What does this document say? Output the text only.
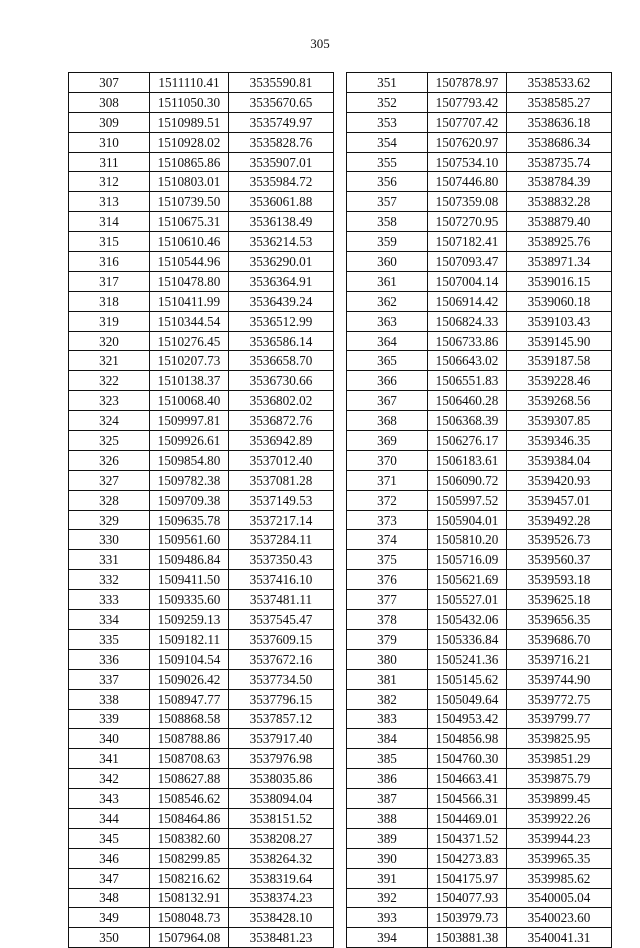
305
307	1511110.41	3535590.81
308	1511050.30	3535670.65
309	1510989.51	3535749.97
310	1510928.02	3535828.76
311	1510865.86	3535907.01
312	1510803.01	3535984.72
313	1510739.50	3536061.88
314	1510675.31	3536138.49
315	1510610.46	3536214.53
316	1510544.96	3536290.01
317	1510478.80	3536364.91
318	1510411.99	3536439.24
319	1510344.54	3536512.99
320	1510276.45	3536586.14
321	1510207.73	3536658.70
322	1510138.37	3536730.66
323	1510068.40	3536802.02
324	1509997.81	3536872.76
325	1509926.61	3536942.89
326	1509854.80	3537012.40
327	1509782.38	3537081.28
328	1509709.38	3537149.53
329	1509635.78	3537217.14
330	1509561.60	3537284.11
331	1509486.84	3537350.43
332	1509411.50	3537416.10
333	1509335.60	3537481.11
334	1509259.13	3537545.47
335	1509182.11	3537609.15
336	1509104.54	3537672.16
337	1509026.42	3537734.50
338	1508947.77	3537796.15
339	1508868.58	3537857.12
340	1508788.86	3537917.40
341	1508708.63	3537976.98
342	1508627.88	3538035.86
343	1508546.62	3538094.04
344	1508464.86	3538151.52
345	1508382.60	3538208.27
346	1508299.85	3538264.32
347	1508216.62	3538319.64
348	1508132.91	3538374.23
349	1508048.73	3538428.10
350	1507964.08	3538481.23
351	1507878.97	3538533.62
352	1507793.42	3538585.27
353	1507707.42	3538636.18
354	1507620.97	3538686.34
355	1507534.10	3538735.74
356	1507446.80	3538784.39
357	1507359.08	3538832.28
358	1507270.95	3538879.40
359	1507182.41	3538925.76
360	1507093.47	3538971.34
361	1507004.14	3539016.15
362	1506914.42	3539060.18
363	1506824.33	3539103.43
364	1506733.86	3539145.90
365	1506643.02	3539187.58
366	1506551.83	3539228.46
367	1506460.28	3539268.56
368	1506368.39	3539307.85
369	1506276.17	3539346.35
370	1506183.61	3539384.04
371	1506090.72	3539420.93
372	1505997.52	3539457.01
373	1505904.01	3539492.28
374	1505810.20	3539526.73
375	1505716.09	3539560.37
376	1505621.69	3539593.18
377	1505527.01	3539625.18
378	1505432.06	3539656.35
379	1505336.84	3539686.70
380	1505241.36	3539716.21
381	1505145.62	3539744.90
382	1505049.64	3539772.75
383	1504953.42	3539799.77
384	1504856.98	3539825.95
385	1504760.30	3539851.29
386	1504663.41	3539875.79
387	1504566.31	3539899.45
388	1504469.01	3539922.26
389	1504371.52	3539944.23
390	1504273.83	3539965.35
391	1504175.97	3539985.62
392	1504077.93	3540005.04
393	1503979.73	3540023.60
394	1503881.38	3540041.31
